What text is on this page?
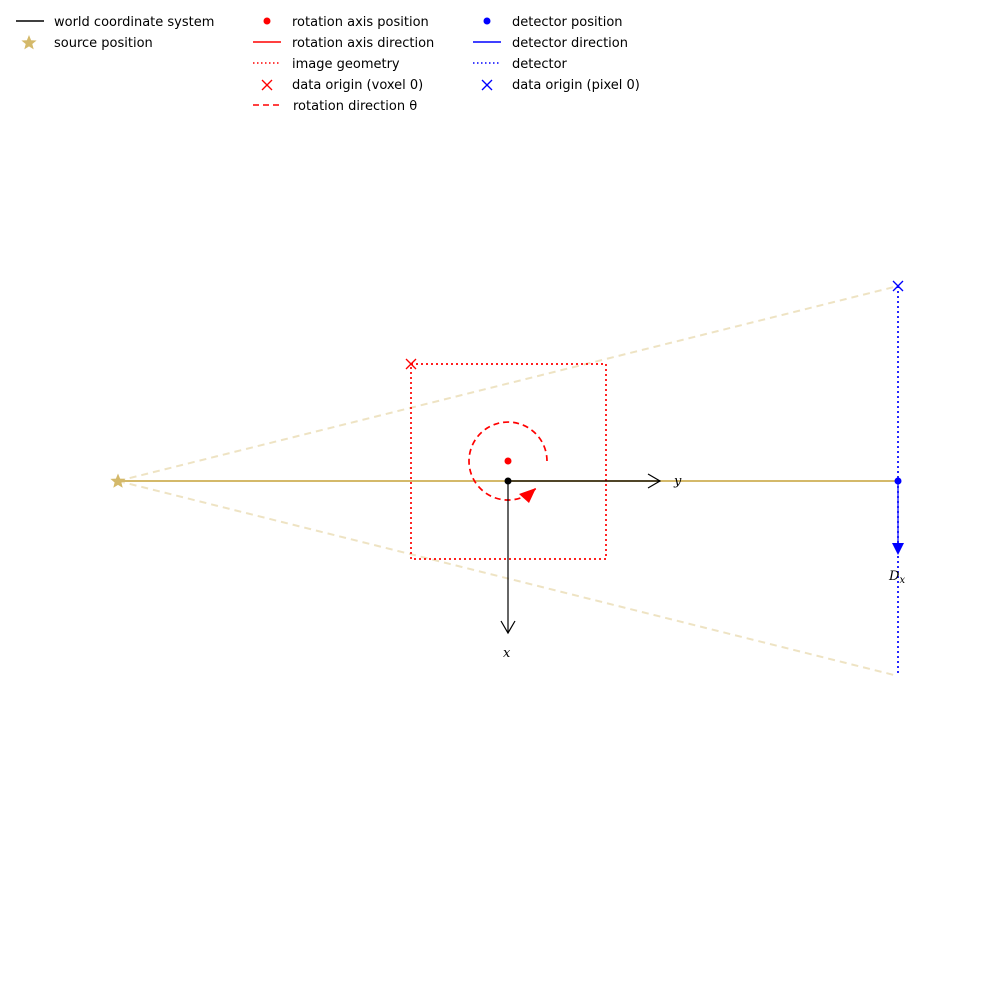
world coordinate system
source position
rotation axis position
rotation axis direction
image geometry
data origin (voxel 0)
rotation direction θ
detector position
detector direction
detector
data origin (pixel 0)
y
x
$D_x$
